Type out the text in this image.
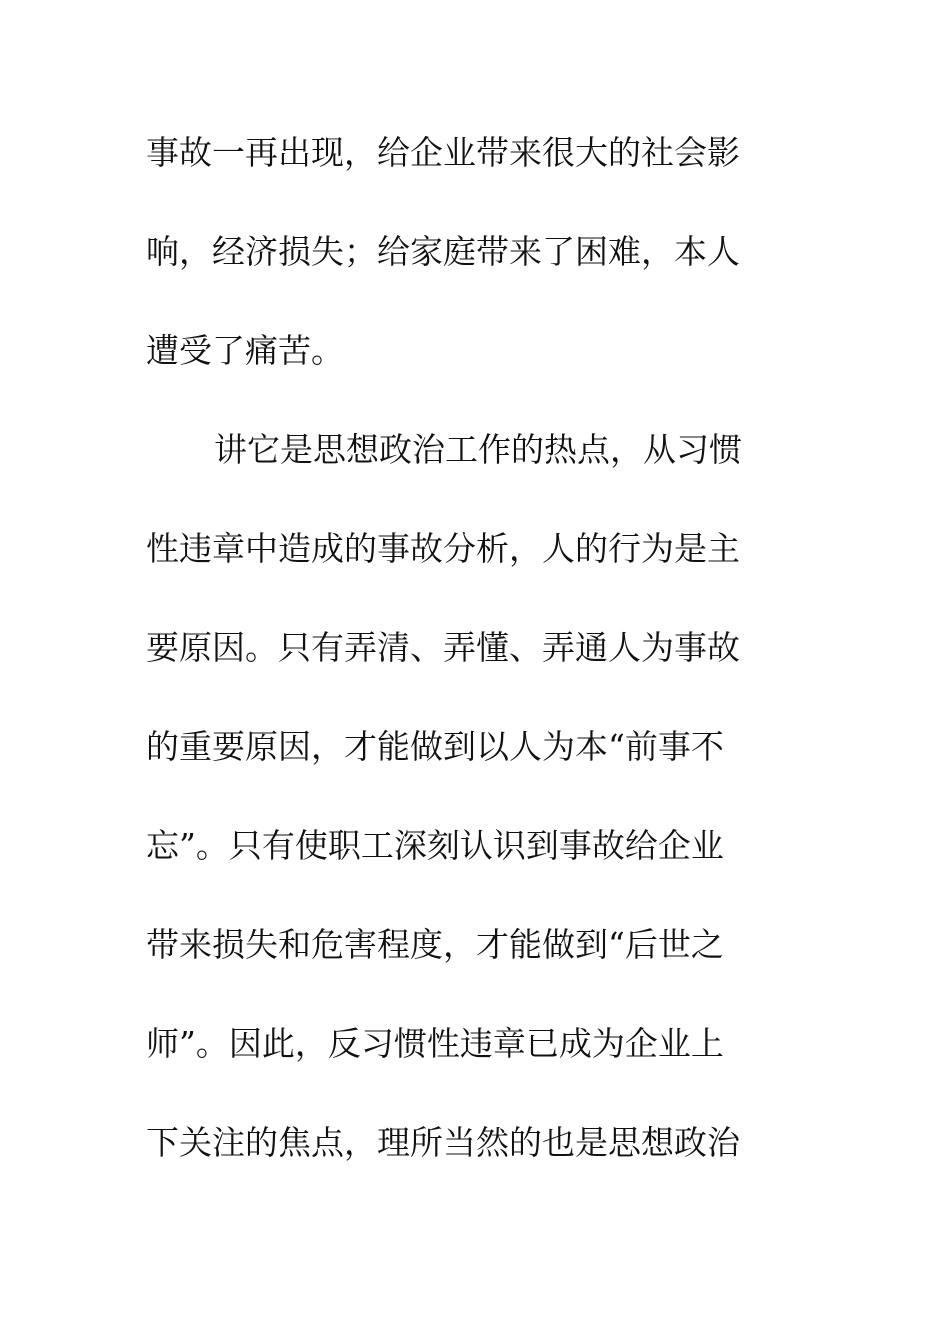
事故一再出现，给企业带来很大的社会影
响，经济损失；给家庭带来了困难，本人
遭受了痛苦。
讲它是思想政治工作的热点，从习惯
性违章中造成的事故分析，人的行为是主
要原因。只有弄清、弄懂、弄通人为事故
的重要原因，才能做到以人为本“前事不
忘”。只有使职工深刻认识到事故给企业
带来损失和危害程度，才能做到“后世之
师”。因此，反习惯性违章已成为企业上
下关注的焦点，理所当然的也是思想政治
